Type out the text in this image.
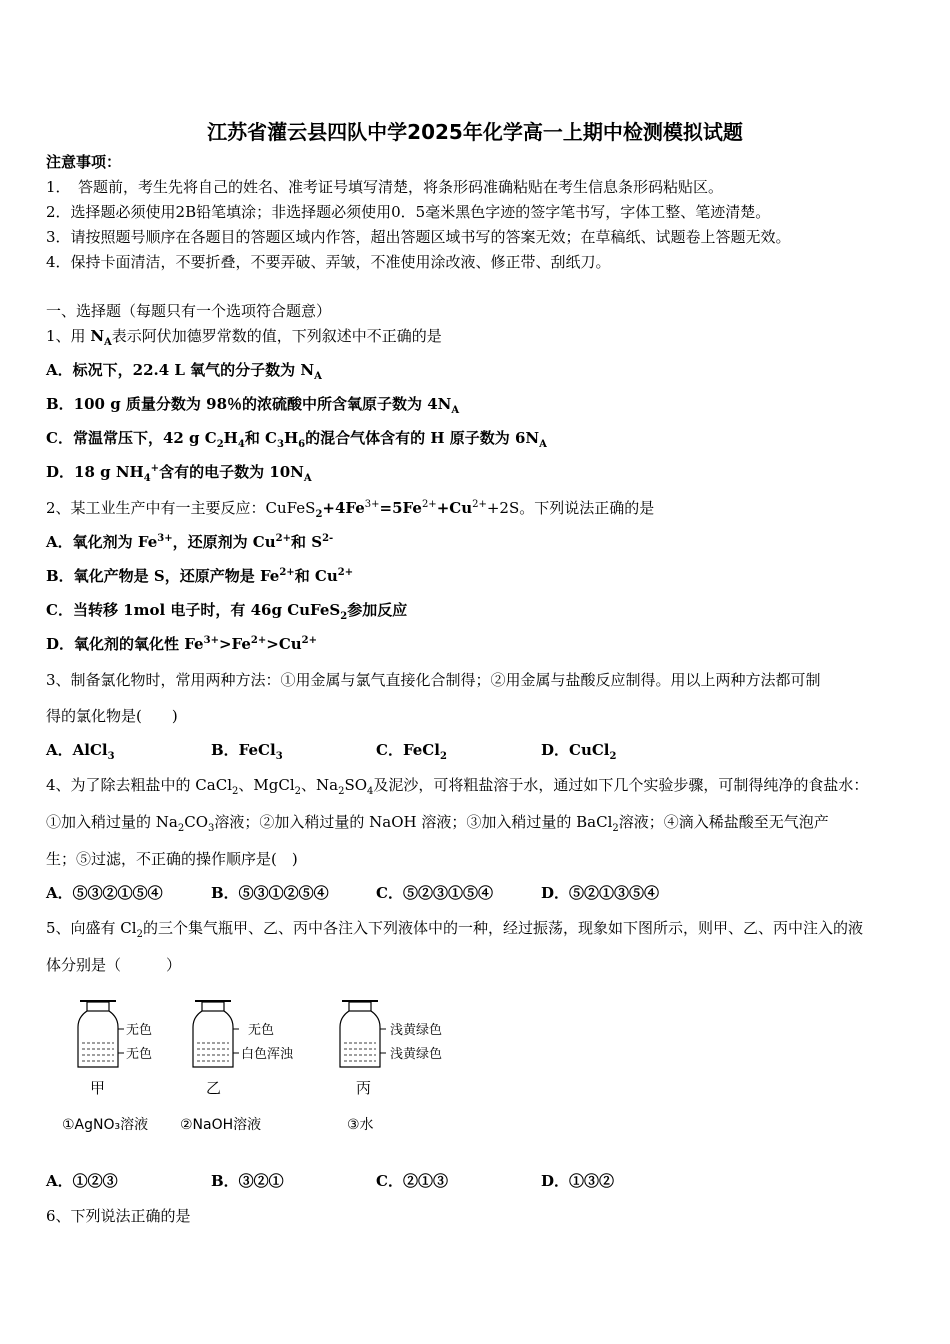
江苏省灌云县四队中学2025年化学高一上期中检测模拟试题
注意事项：
1．　答题前，考生先将自己的姓名、准考证号填写清楚，将条形码准确粘贴在考生信息条形码粘贴区。
2．选择题必须使用2B铅笔填涂；非选择题必须使用0．5毫米黑色字迹的签字笔书写，字体工整、笔迹清楚。
3．请按照题号顺序在各题目的答题区域内作答，超出答题区域书写的答案无效；在草稿纸、试题卷上答题无效。
4．保持卡面清洁，不要折叠，不要弄破、弄皱，不准使用涂改液、修正带、刮纸刀。
一、选择题（每题只有一个选项符合题意）
1、用 $N_A$表示阿伏加德罗常数的值，下列叙述中不正确的是
A．标况下，22.4 L 氧气的分子数为 $N_A$
B．100 g 质量分数为 98％的浓硫酸中所含氧原子数为 $4N_A$
C．常温常压下，42 g $C_2H_4$和 $C_3H_6$的混合气体含有的 H 原子数为 $6N_A$
D．18 g $NH_4^+$含有的电子数为 $10N_A$
2、某工业生产中有一主要反应：$CuFeS_2+4Fe^{3+}=5Fe^{2+}+Cu^{2+}+2S$。下列说法正确的是
A．氧化剂为 $Fe^{3+}$，还原剂为 $Cu^{2+}$和 $S^{2-}$
B．氧化产物是 S，还原产物是 $Fe^{2+}$和 $Cu^{2+}$
C．当转移 1mol 电子时，有 46g CuFeS$_2$参加反应
D．氧化剂的氧化性 $Fe^{3+}>Fe^{2+}>Cu^{2+}$
3、制备氯化物时，常用两种方法：①用金属与氯气直接化合制得；②用金属与盐酸反应制得。用以上两种方法都可制
得的氯化物是(　　)
A．AlCl$_3$	B．FeCl$_3$	C．FeCl$_2$	D．CuCl$_2$
4、为了除去粗盐中的 CaCl$_2$、MgCl$_2$、$Na_2SO_4$及泥沙，可将粗盐溶于水，通过如下几个实验步骤，可制得纯净的食盐水：
①加入稍过量的 $Na_2CO_3$溶液；②加入稍过量的 NaOH 溶液；③加入稍过量的 BaCl$_2$溶液；④滴入稀盐酸至无气泡产
生；⑤过滤，不正确的操作顺序是(　)
A．⑤③②①⑤④	B．⑤③①②⑤④	C．⑤②③①⑤④	D．⑤②①③⑤④
5、向盛有 $Cl_2$的三个集气瓶甲、乙、丙中各注入下列液体中的一种，经过振荡，现象如下图所示，则甲、乙、丙中注入的液
体分别是（　　　）
无色
无色
甲
①AgNO₃溶液
无色
白色浑浊
乙
②NaOH溶液
浅黄绿色
浅黄绿色
丙
③水
A．①②③	B．③②①	C．②①③	D．①③②
6、下列说法正确的是
